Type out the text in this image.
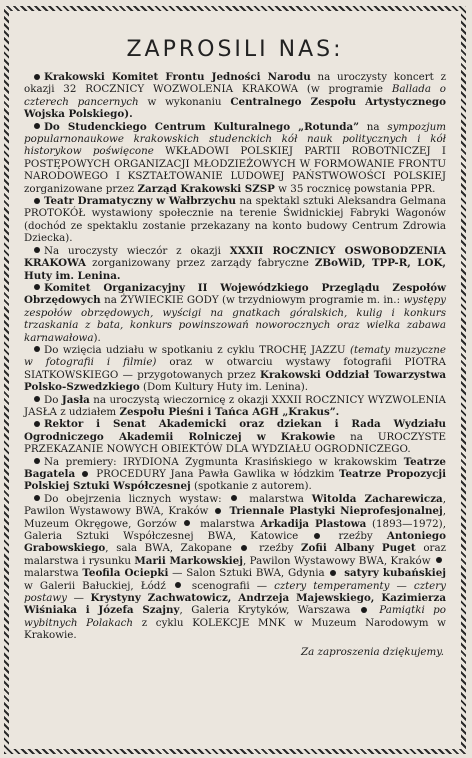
ZAPROSILI NAS:

Krakowski Komitet Frontu Jedności Narodu na uroczysty koncert z okazji 32 ROCZNICY WOZWOLENIA KRAKOWA (w programie Ballada o czterech pancernych w wykonaniu Centralnego Zespołu Artystycznego Wojska Polskiego).

Do Studenckiego Centrum Kulturalnego „Rotunda” na sympozjum popularnonaukowe krakowskich studenckich kół nauk politycznych i kół historykow poświęcone WKŁADOWI POLSKIEJ PARTII ROBOTNICZEJ I POSTĘPOWYCH ORGANIZACJI MŁODZIEŻOWYCH W FORMOWANIE FRONTU NARODOWEGO I KSZTAŁTOWANIE LUDOWEJ PAŃSTWOWOŚCI POLSKIEJ zorganizowane przez Zarząd Krakowski SZSP w 35 rocznicę powstania PPR.

Teatr Dramatyczny w Wałbrzychu na spektakl sztuki Aleksandra Gelmana PROTOKÓŁ wystawiony społecznie na terenie Świdnickiej Fabryki Wagonów (dochód ze spektaklu zostanie przekazany na konto budowy Centrum Zdrowia Dziecka).

Na uroczysty wieczór z okazji XXXII ROCZNICY OSWOBODZENIA KRAKOWA zorganizowany przez zarządy fabryczne ZBoWiD, TPP-R, LOK, Huty im. Lenina.

Komitet Organizacyjny II Wojewódzkiego Przeglądu Zespołów Obrzędowych na ŻYWIECKIE GODY (w trzydniowym programie m. in.: występy zespołów obrzędowych, wyścigi na gnatkach góralskich, kulig i konkurs trzaskania z bata, konkurs powinszowań noworocznych oraz wielka zabawa karnawałowa).

Do wzięcia udziału w spotkaniu z cyklu TROCHĘ JAZZU (tematy muzyczne w fotografii i filmie) oraz w otwarciu wystawy fotografii PIOTRA SIATKOWSKIEGO — przygotowanych przez Krakowski Oddział Towarzystwa Polsko-Szwedzkiego (Dom Kultury Huty im. Lenina).

Do Jasła na uroczystą wieczornicę z okazji XXXII ROCZNICY WYZWOLENIA JASŁA z udziałem Zespołu Pieśni i Tańca AGH „Krakus”.

Rektor i Senat Akademicki oraz dziekan i Rada Wydziału Ogrodniczego Akademii Rolniczej w Krakowie na UROCZYSTE PRZEKAZANIE NOWYCH OBIEKTÓW DLA WYDZIAŁU OGRODNICZEGO.

Na premiery: IRYDIONA Zygmunta Krasińskiego w krakowskim Teatrze Bagatela  PROCEDURY Jana Pawła Gawlika w łódzkim Teatrze Propozycji Polskiej Sztuki Współczesnej (spotkanie z autorem).

Do obejrzenia licznych wystaw:  malarstwa Witolda Zacharewicza, Pawilon Wystawowy BWA, Kraków  Triennale Plastyki Nieprofesjonalnej, Muzeum Okręgowe, Gorzów  malarstwa Arkadija Plastowa (1893—1972), Galeria Sztuki Współczesnej BWA, Katowice  rzeźby Antoniego Grabowskiego, sala BWA, Zakopane  rzeźby Zofii Albany Puget oraz malarstwa i rysunku Marii Markowskiej, Pawilon Wystawowy BWA, Kraków  malarstwa Teofila Ociepki — Salon Sztuki BWA, Gdynia  satyry kubańskiej w Galerii Bałuckiej, Łódź  scenografii — cztery temperamenty — cztery postawy — Krystyny Zachwatowicz, Andrzeja Majewskiego, Kazimierza Wiśniaka i Józefa Szajny, Galeria Krytyków, Warszawa  Pamiątki po wybitnych Polakach z cyklu KOLEKCJE MNK w Muzeum Narodowym w Krakowie.

Za zaproszenia dziękujemy.
